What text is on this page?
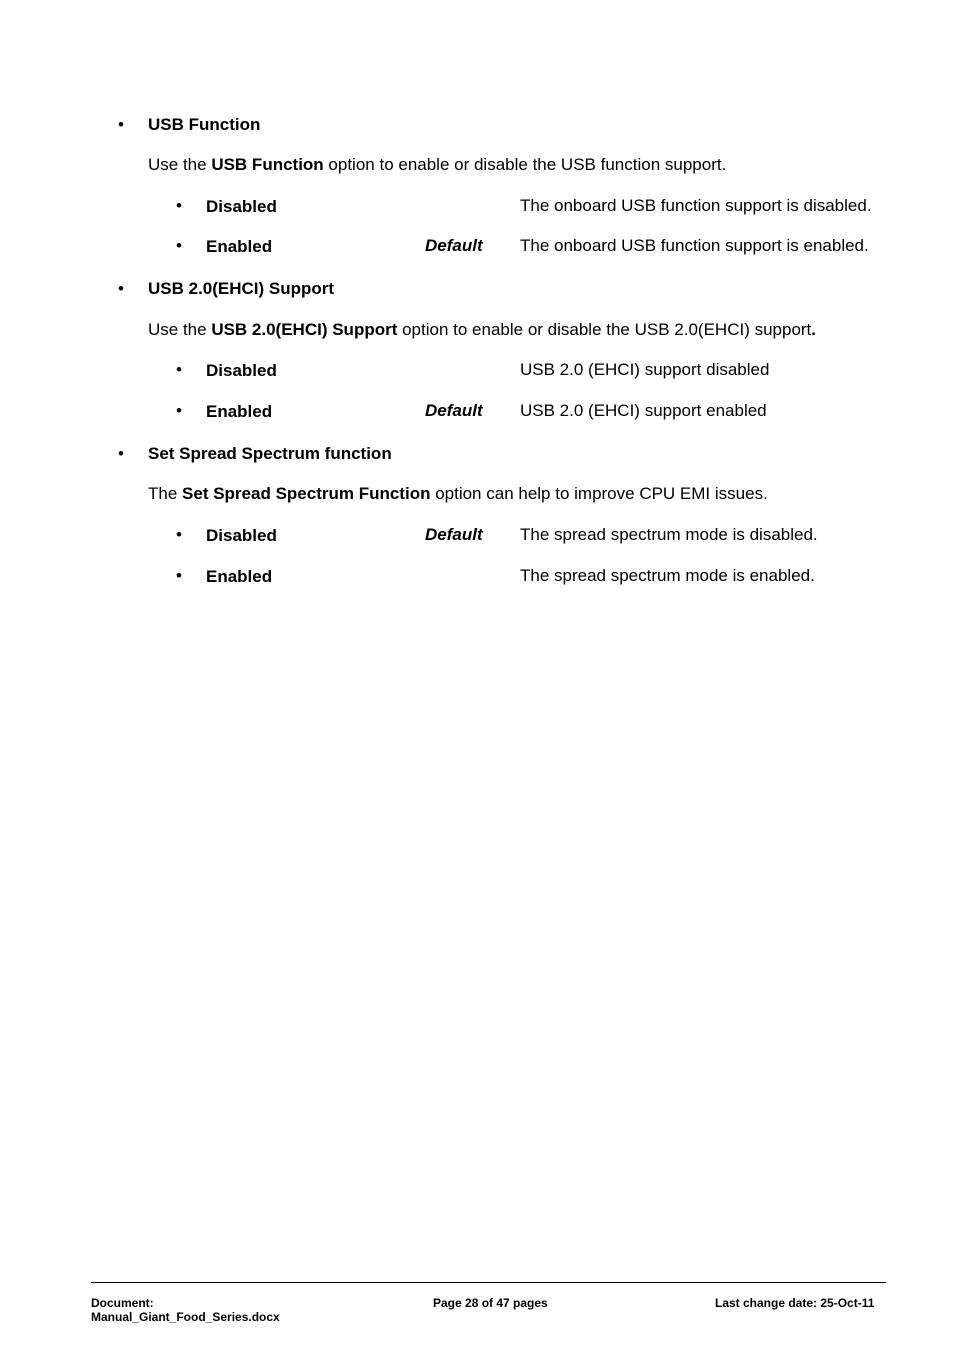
• USB Function
Use the USB Function option to enable or disable the USB function support.
• Disabled	The onboard USB function support is disabled.
• Enabled	Default The onboard USB function support is enabled.
• USB 2.0(EHCI) Support
Use the USB 2.0(EHCI) Support option to enable or disable the USB 2.0(EHCI) support.
• Disabled	USB 2.0 (EHCI) support disabled
• Enabled	Default USB 2.0 (EHCI) support enabled
• Set Spread Spectrum function
The Set Spread Spectrum Function option can help to improve CPU EMI issues.
• Disabled	Default The spread spectrum mode is disabled.
• Enabled	The spread spectrum mode is enabled.
Document:
Manual_Giant_Food_Series.docx
Page 28 of 47 pages	Last change date: 25-Oct-11
